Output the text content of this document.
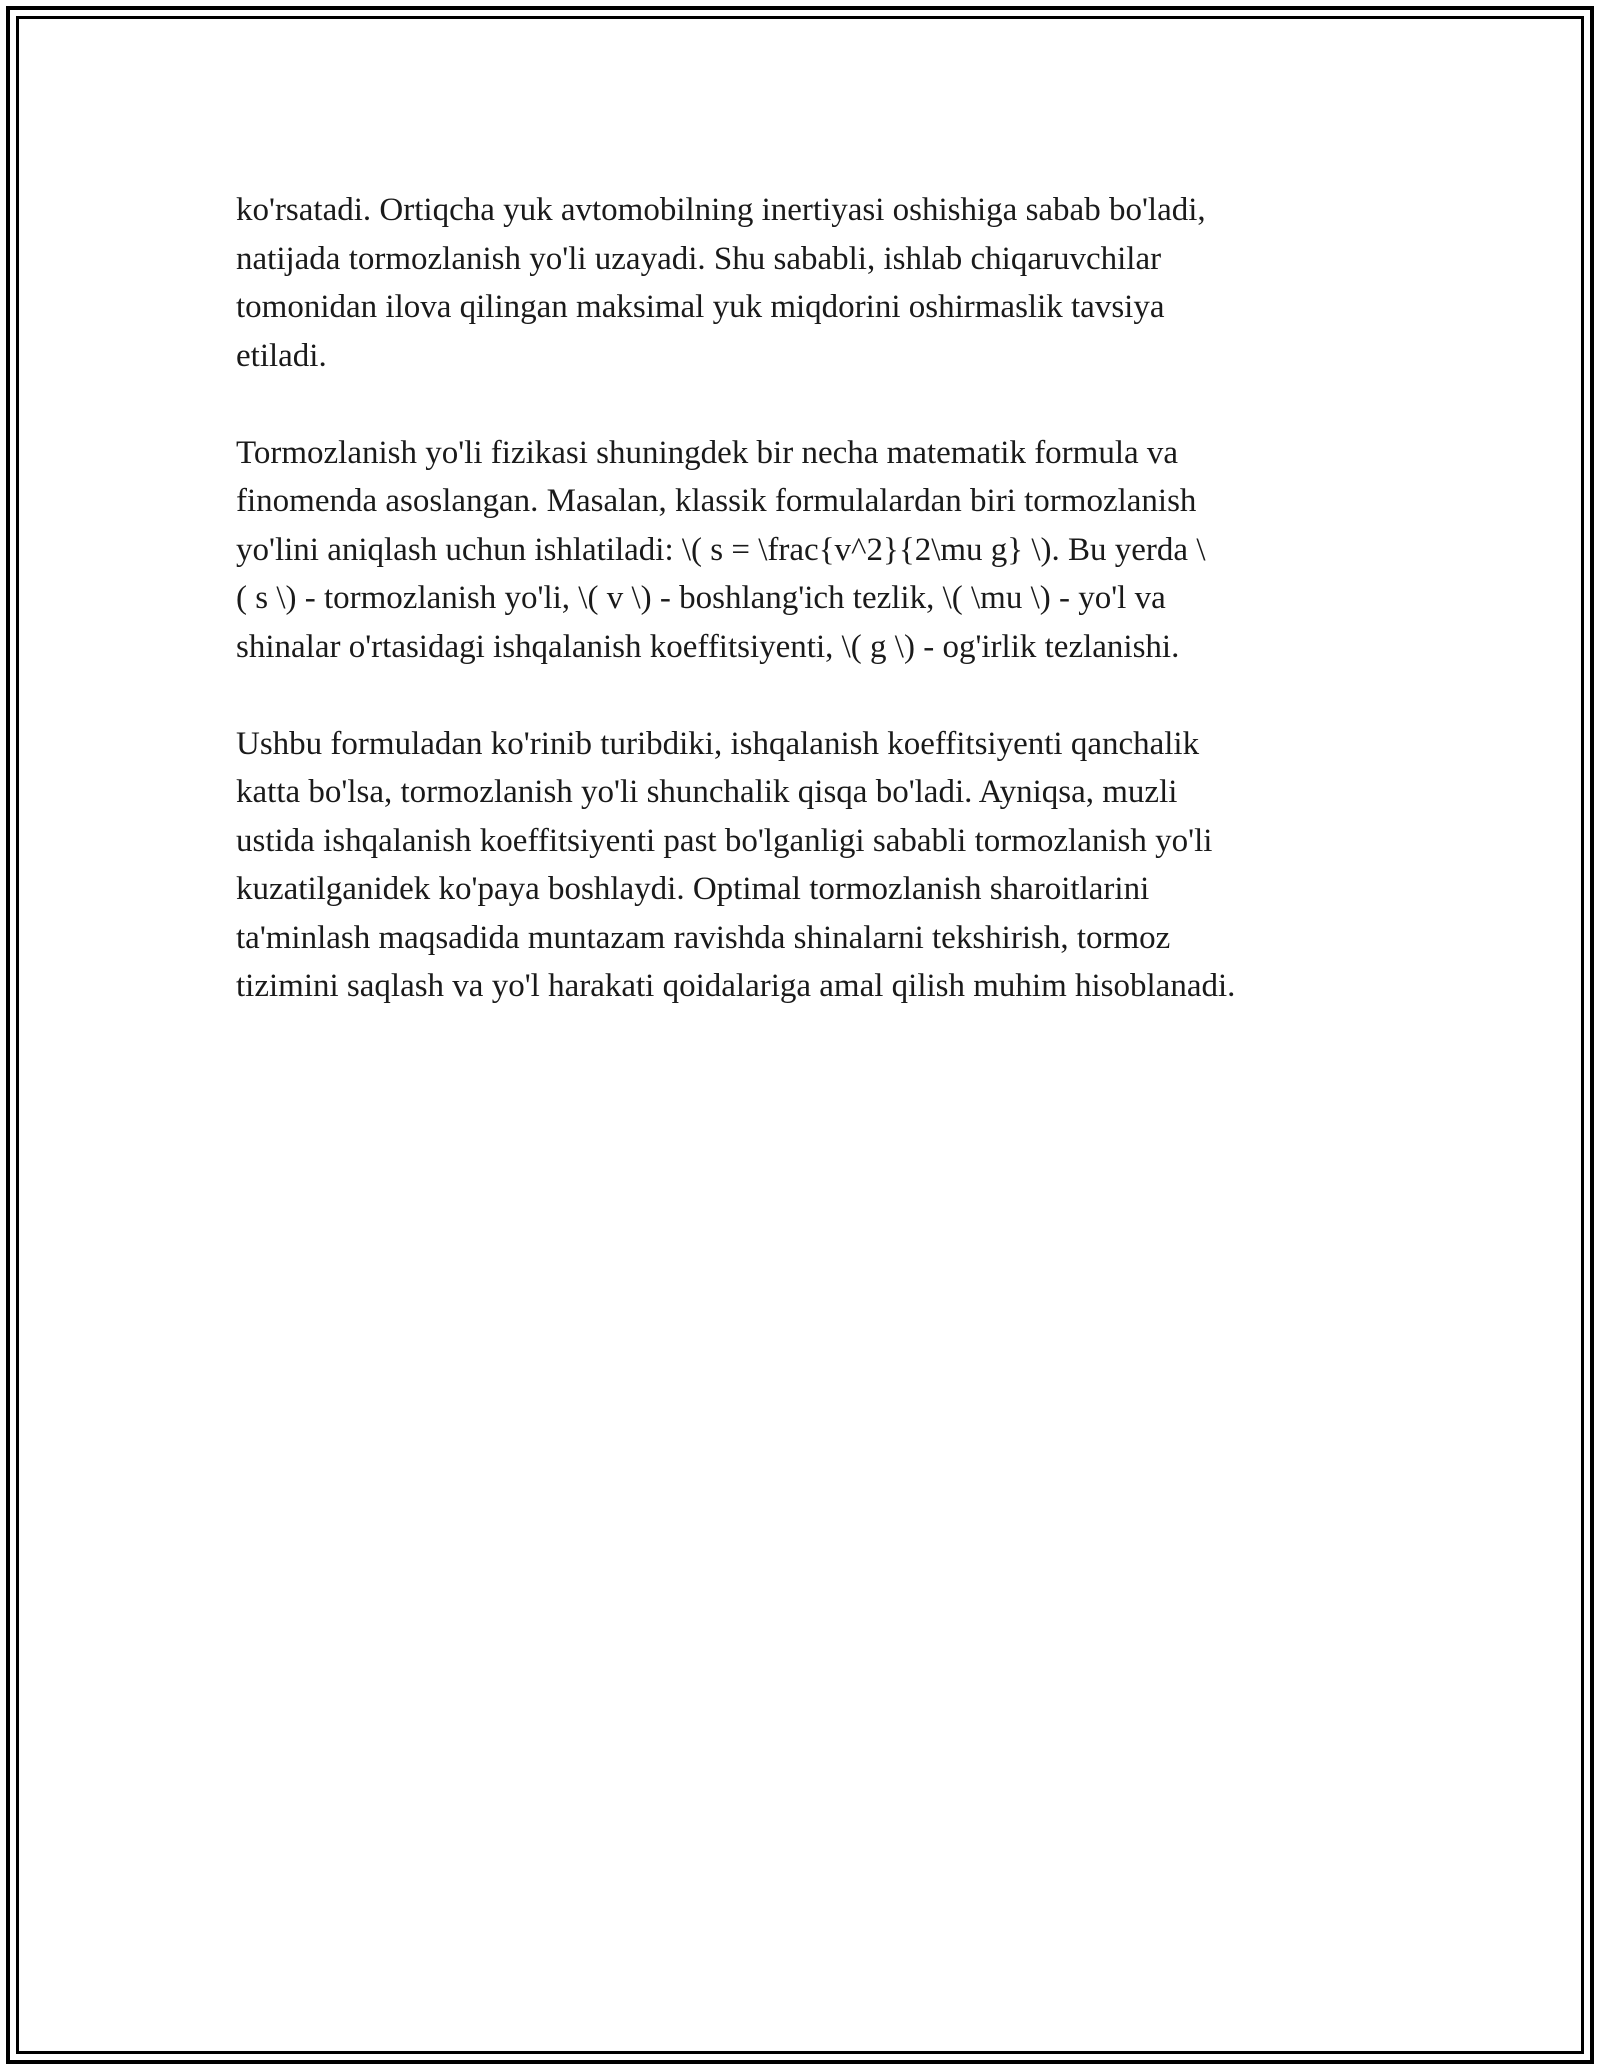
ko'rsatadi. Ortiqcha yuk avtomobilning inertiyasi oshishiga sabab bo'ladi,
natijada tormozlanish yo'li uzayadi. Shu sababli, ishlab chiqaruvchilar
tomonidan ilova qilingan maksimal yuk miqdorini oshirmaslik tavsiya
etiladi.

Tormozlanish yo'li fizikasi shuningdek bir necha matematik formula va
finomenda asoslangan. Masalan, klassik formulalardan biri tormozlanish
yo'lini aniqlash uchun ishlatiladi: \( s = \frac{v^2}{2\mu g} \). Bu yerda \
( s \) - tormozlanish yo'li, \( v \) - boshlang'ich tezlik, \( \mu \) - yo'l va
shinalar o'rtasidagi ishqalanish koeffitsiyenti, \( g \) - og'irlik tezlanishi.

Ushbu formuladan ko'rinib turibdiki, ishqalanish koeffitsiyenti qanchalik
katta bo'lsa, tormozlanish yo'li shunchalik qisqa bo'ladi. Ayniqsa, muzli
ustida ishqalanish koeffitsiyenti past bo'lganligi sababli tormozlanish yo'li
kuzatilganidek ko'paya boshlaydi. Optimal tormozlanish sharoitlarini
ta'minlash maqsadida muntazam ravishda shinalarni tekshirish, tormoz
tizimini saqlash va yo'l harakati qoidalariga amal qilish muhim hisoblanadi.
